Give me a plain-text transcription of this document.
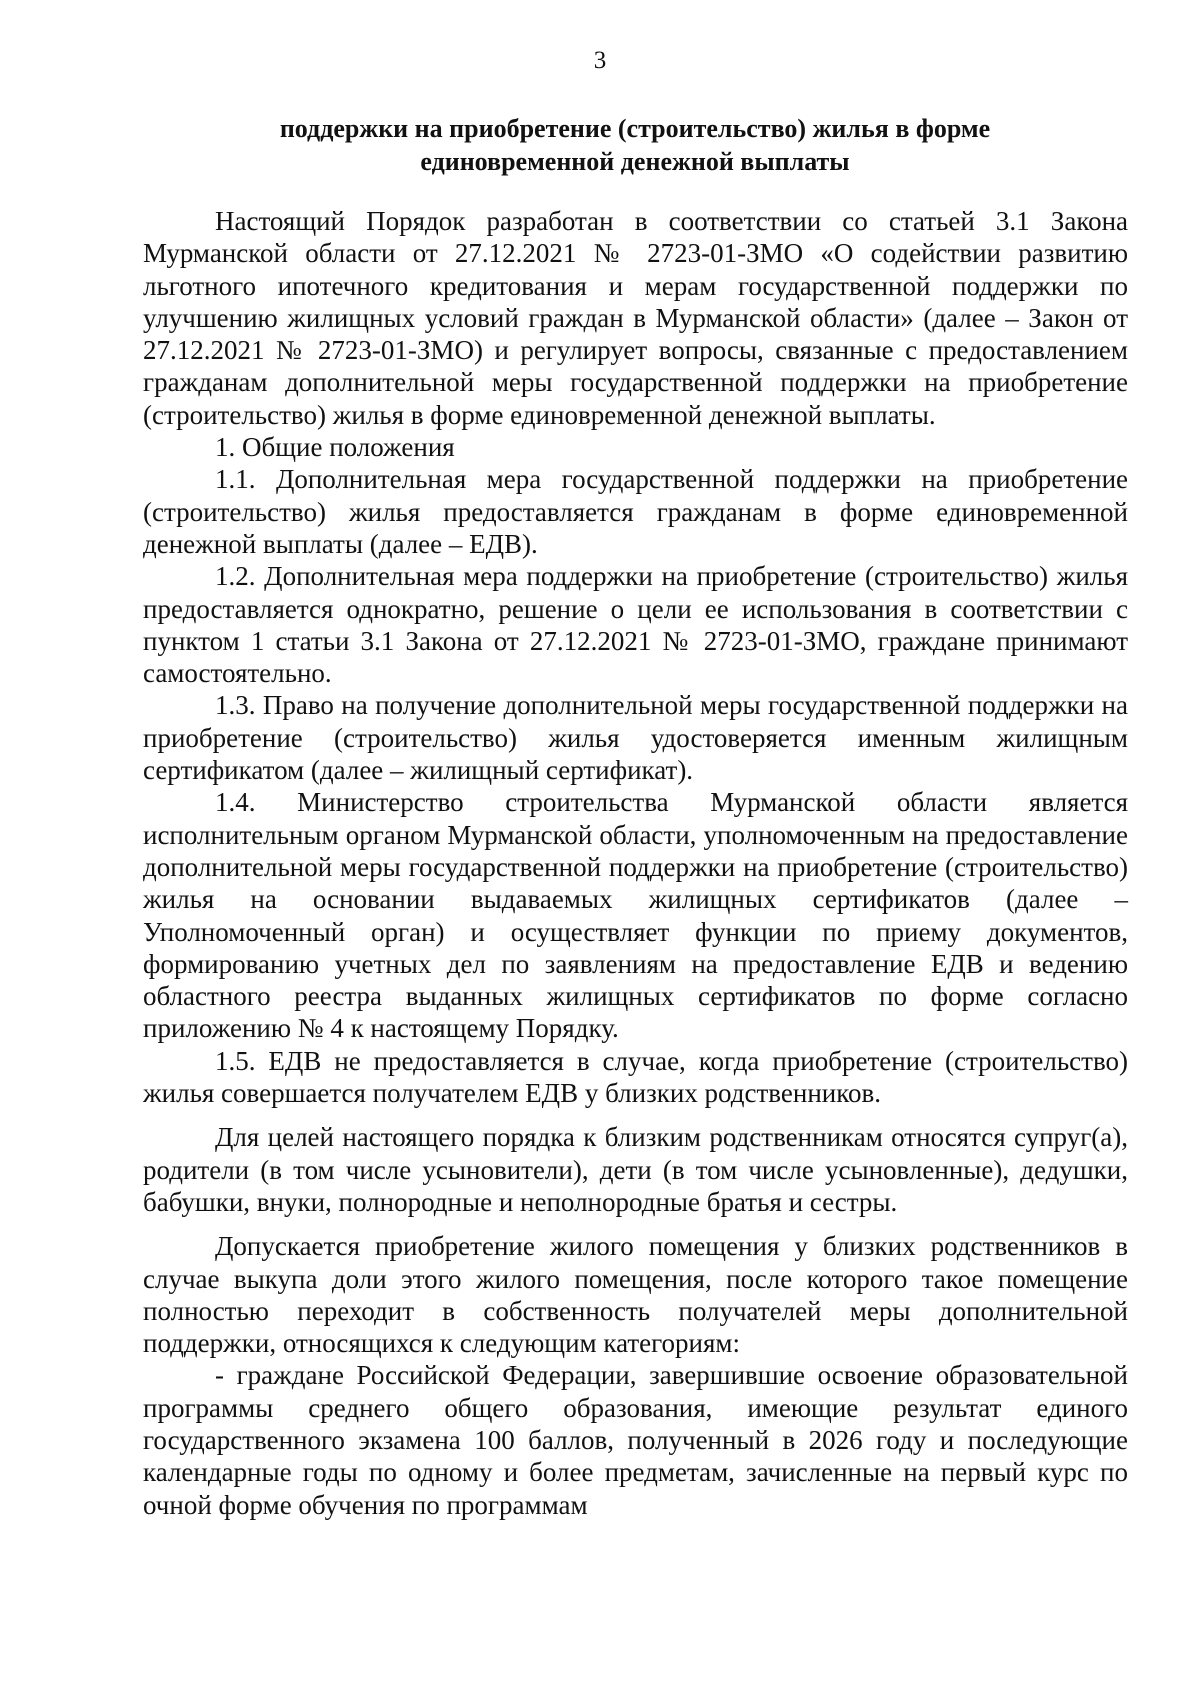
3
поддержки на приобретение (строительство) жилья в форме
единовременной денежной выплаты

Настоящий Порядок разработан в соответствии со статьей 3.1 Закона Мурманской области от 27.12.2021 № 2723-01-ЗМО «О содействии развитию льготного ипотечного кредитования и мерам государственной поддержки по улучшению жилищных условий граждан в Мурманской области» (далее – Закон от 27.12.2021 № 2723-01-ЗМО) и регулирует вопросы, связанные с предоставлением гражданам дополнительной меры государственной поддержки на приобретение (строительство) жилья в форме единовременной денежной выплаты.

1. Общие положения

1.1. Дополнительная мера государственной поддержки на приобретение (строительство) жилья предоставляется гражданам в форме единовременной денежной выплаты (далее – ЕДВ).

1.2. Дополнительная мера поддержки на приобретение (строительство) жилья предоставляется однократно, решение о цели ее использования в соответствии с пунктом 1 статьи 3.1 Закона от 27.12.2021 № 2723-01-ЗМО, граждане принимают самостоятельно.

1.3. Право на получение дополнительной меры государственной поддержки на приобретение (строительство) жилья удостоверяется именным жилищным сертификатом (далее – жилищный сертификат).

1.4. Министерство строительства Мурманской области является исполнительным органом Мурманской области, уполномоченным на предоставление дополнительной меры государственной поддержки на приобретение (строительство) жилья на основании выдаваемых жилищных сертификатов (далее – Уполномоченный орган) и осуществляет функции по приему документов, формированию учетных дел по заявлениям на предоставление ЕДВ и ведению областного реестра выданных жилищных сертификатов по форме согласно приложению № 4 к настоящему Порядку.

1.5. ЕДВ не предоставляется в случае, когда приобретение (строительство) жилья совершается получателем ЕДВ у близких родственников.

Для целей настоящего порядка к близким родственникам относятся супруг(а), родители (в том числе усыновители), дети (в том числе усыновленные), дедушки, бабушки, внуки, полнородные и неполнородные братья и сестры.

Допускается приобретение жилого помещения у близких родственников в случае выкупа доли этого жилого помещения, после которого такое помещение полностью переходит в собственность получателей меры дополнительной поддержки, относящихся к следующим категориям:

- граждане Российской Федерации, завершившие освоение образовательной программы среднего общего образования, имеющие результат единого государственного экзамена 100 баллов, полученный в 2026 году и последующие календарные годы по одному и более предметам, зачисленные на первый курс по очной форме обучения по программам
